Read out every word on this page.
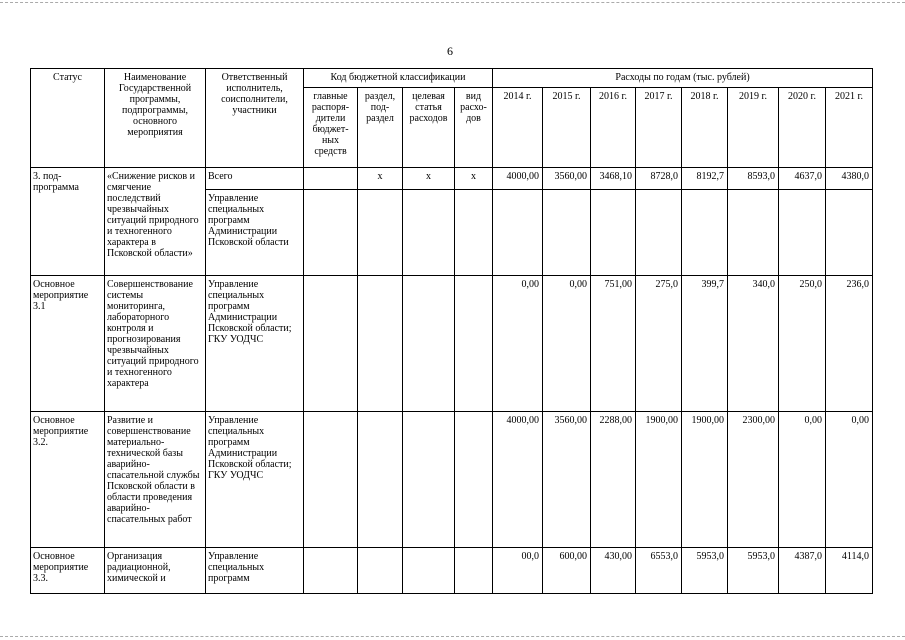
6
Статус	Наименование Государственной программы, подпрограммы, основного мероприятия	Ответственный исполнитель, соисполнители, участники	Код бюджетной классификации				Расходы по годам (тыс. рублей)							
			главные распоря-дители бюджет-ных средств	раздел, под-раздел	целевая статья расходов	вид расхо-дов	2014 г.	2015 г.	2016 г.	2017 г.	2018 г.	2019 г.	2020 г.	2021 г.
3. под-программа	«Снижение рисков и смягчение последствий чрезвычайных ситуаций природного и техногенного характера в Псковской области»	Всего		х	х	х	4000,00	3560,00	3468,10	8728,0	8192,7	8593,0	4637,0	4380,0
		Управление специальных программ Администрации Псковской области												
Основное мероприятие 3.1	Совершенствование системы мониторинга, лабораторного контроля и прогнозирования чрезвычайных ситуаций природного и техногенного характера	Управление специальных программ Администрации Псковской области; ГКУ УОДЧС					0,00	0,00	751,00	275,0	399,7	340,0	250,0	236,0
Основное мероприятие 3.2.	Развитие и совершенствование материально-технической базы аварийно-спасательной службы Псковской области в области проведения аварийно-спасательных работ	Управление специальных программ Администрации Псковской области; ГКУ УОДЧС					4000,00	3560,00	2288,00	1900,00	1900,00	2300,00	0,00	0,00
Основное мероприятие 3.3.	Организация радиационной, химической и	Управление специальных программ					00,0	600,00	430,00	6553,0	5953,0	5953,0	4387,0	4114,0
